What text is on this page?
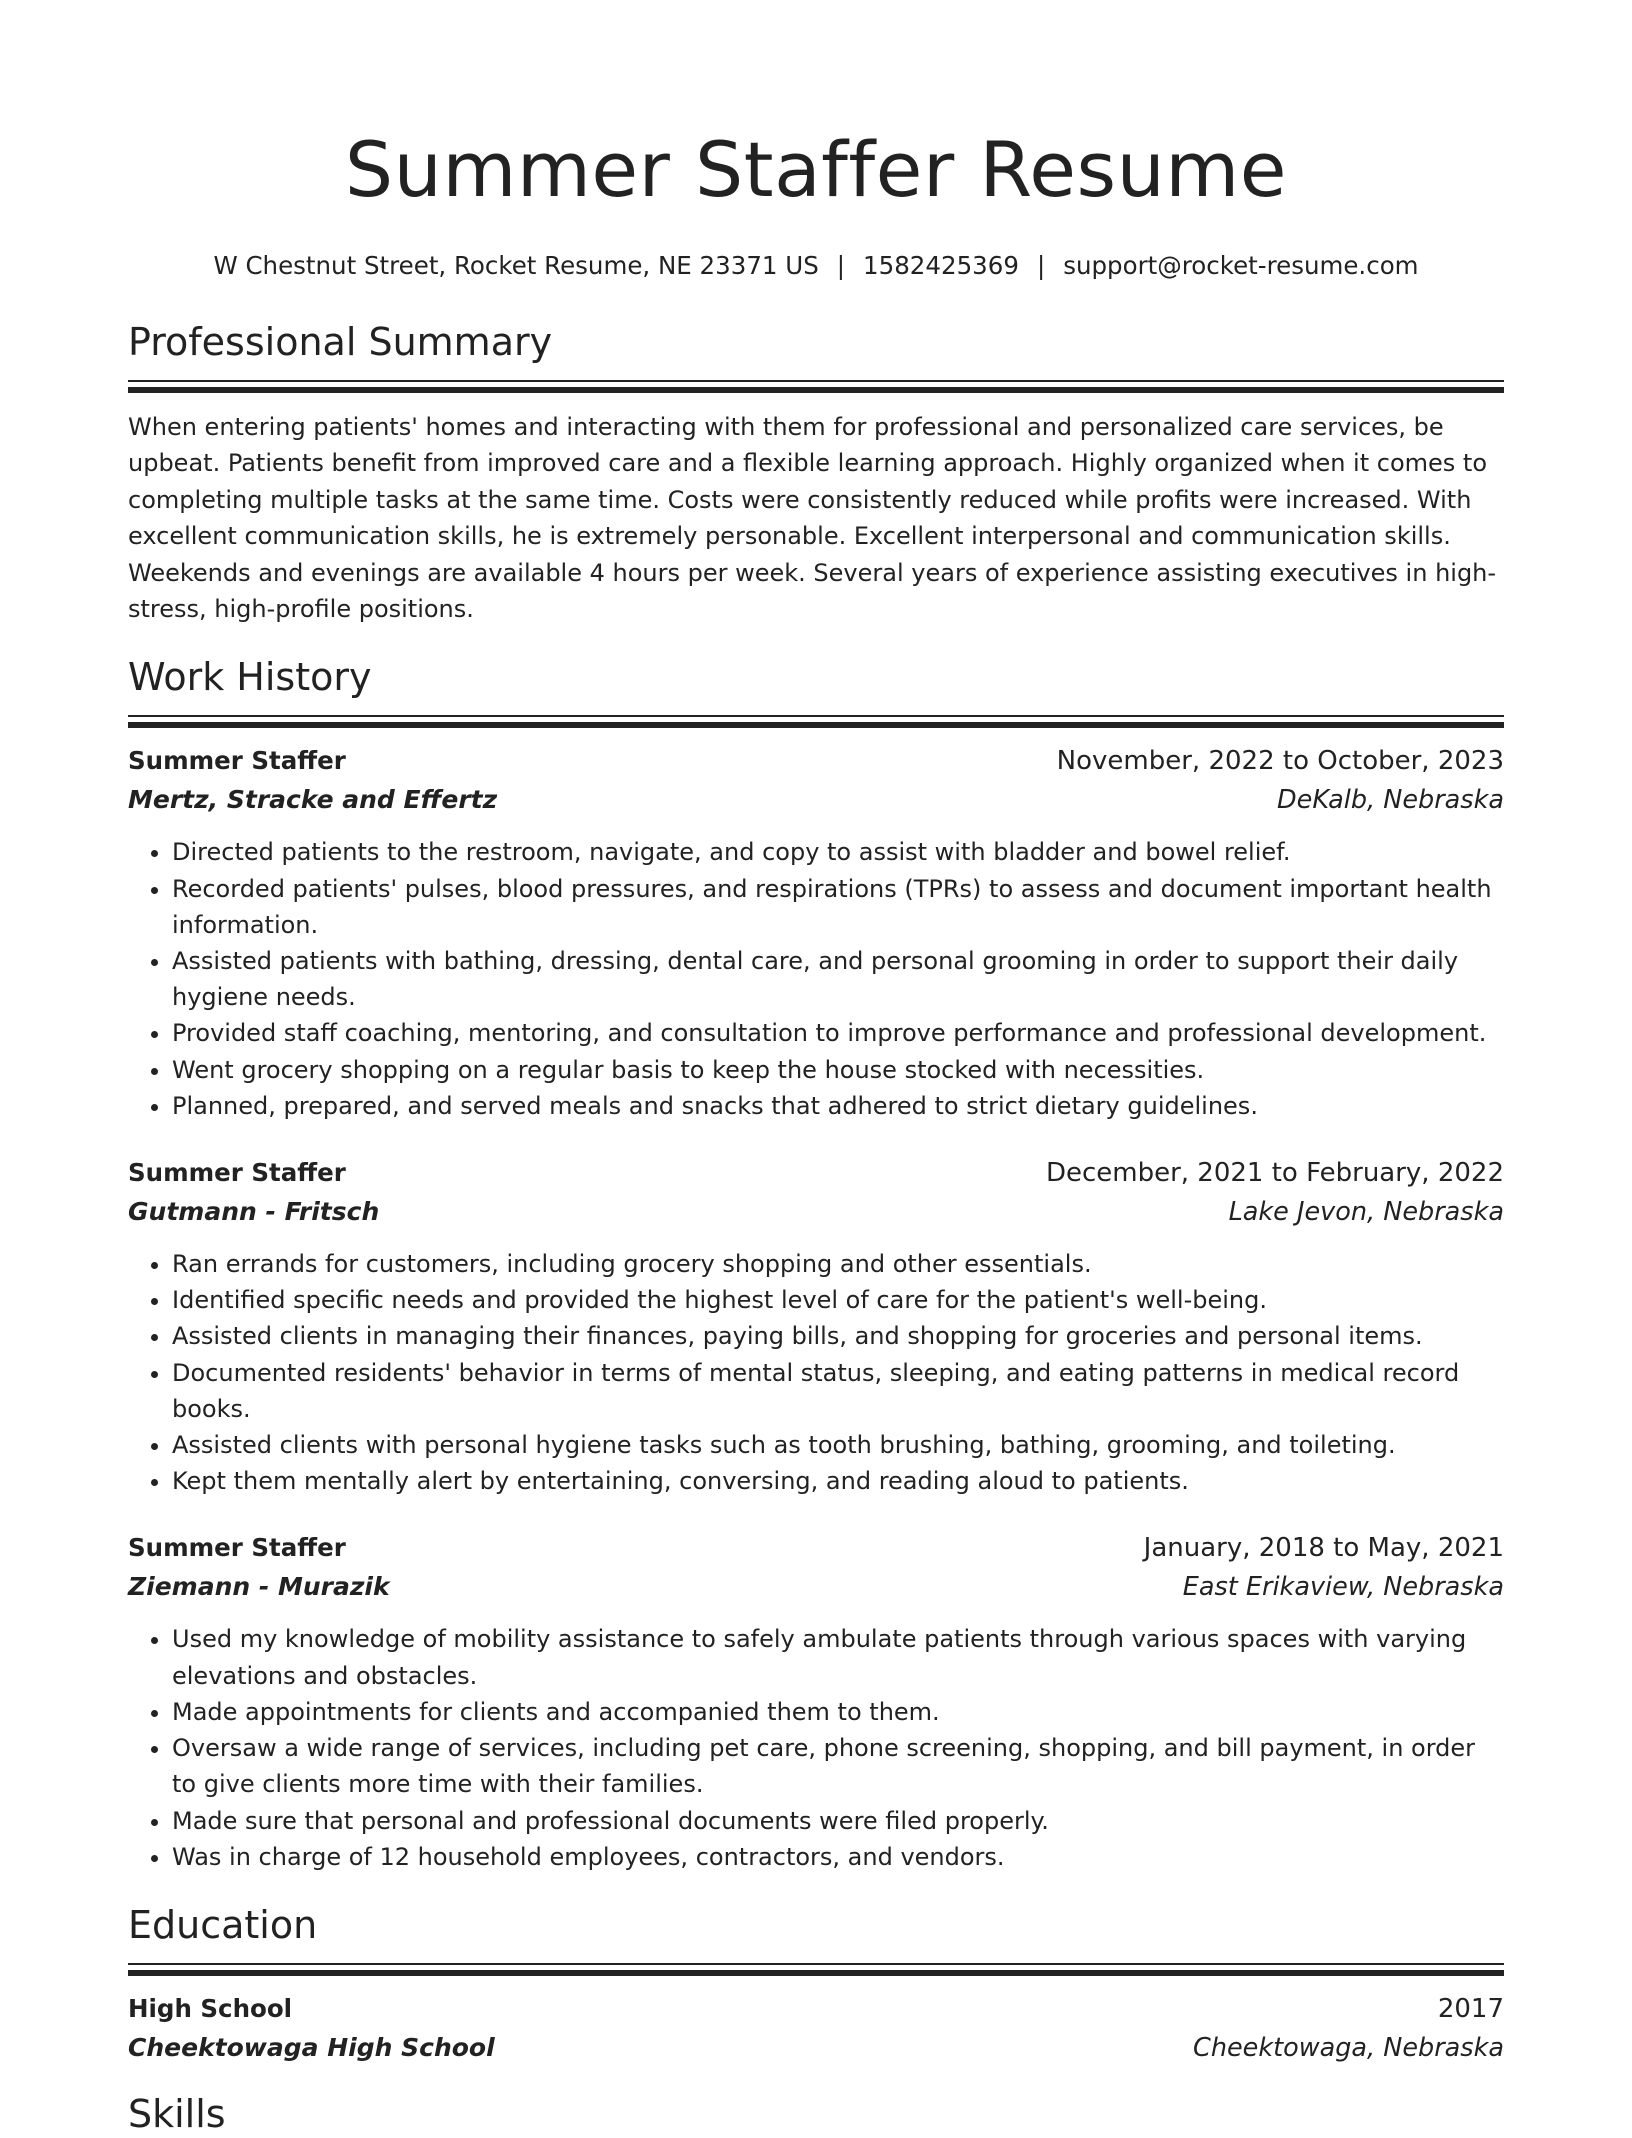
Summer Staffer Resume
W Chestnut Street, Rocket Resume, NE 23371 US | 1582425369 | support@rocket-resume.com
Professional Summary
When entering patients' homes and interacting with them for professional and personalized care services, be upbeat. Patients benefit from improved care and a flexible learning approach. Highly organized when it comes to completing multiple tasks at the same time. Costs were consistently reduced while profits were increased. With excellent communication skills, he is extremely personable. Excellent interpersonal and communication skills. Weekends and evenings are available 4 hours per week. Several years of experience assisting executives in high-stress, high-profile positions.
Work History
Summer Staffer	November, 2022 to October, 2023
Mertz, Stracke and Effertz	DeKalb, Nebraska
• Directed patients to the restroom, navigate, and copy to assist with bladder and bowel relief.
• Recorded patients' pulses, blood pressures, and respirations (TPRs) to assess and document important health information.
• Assisted patients with bathing, dressing, dental care, and personal grooming in order to support their daily hygiene needs.
• Provided staff coaching, mentoring, and consultation to improve performance and professional development.
• Went grocery shopping on a regular basis to keep the house stocked with necessities.
• Planned, prepared, and served meals and snacks that adhered to strict dietary guidelines.
Summer Staffer	December, 2021 to February, 2022
Gutmann - Fritsch	Lake Jevon, Nebraska
• Ran errands for customers, including grocery shopping and other essentials.
• Identified specific needs and provided the highest level of care for the patient's well-being.
• Assisted clients in managing their finances, paying bills, and shopping for groceries and personal items.
• Documented residents' behavior in terms of mental status, sleeping, and eating patterns in medical record books.
• Assisted clients with personal hygiene tasks such as tooth brushing, bathing, grooming, and toileting.
• Kept them mentally alert by entertaining, conversing, and reading aloud to patients.
Summer Staffer	January, 2018 to May, 2021
Ziemann - Murazik	East Erikaview, Nebraska
• Used my knowledge of mobility assistance to safely ambulate patients through various spaces with varying elevations and obstacles.
• Made appointments for clients and accompanied them to them.
• Oversaw a wide range of services, including pet care, phone screening, shopping, and bill payment, in order to give clients more time with their families.
• Made sure that personal and professional documents were filed properly.
• Was in charge of 12 household employees, contractors, and vendors.
Education
High School	2017
Cheektowaga High School	Cheektowaga, Nebraska
Skills
